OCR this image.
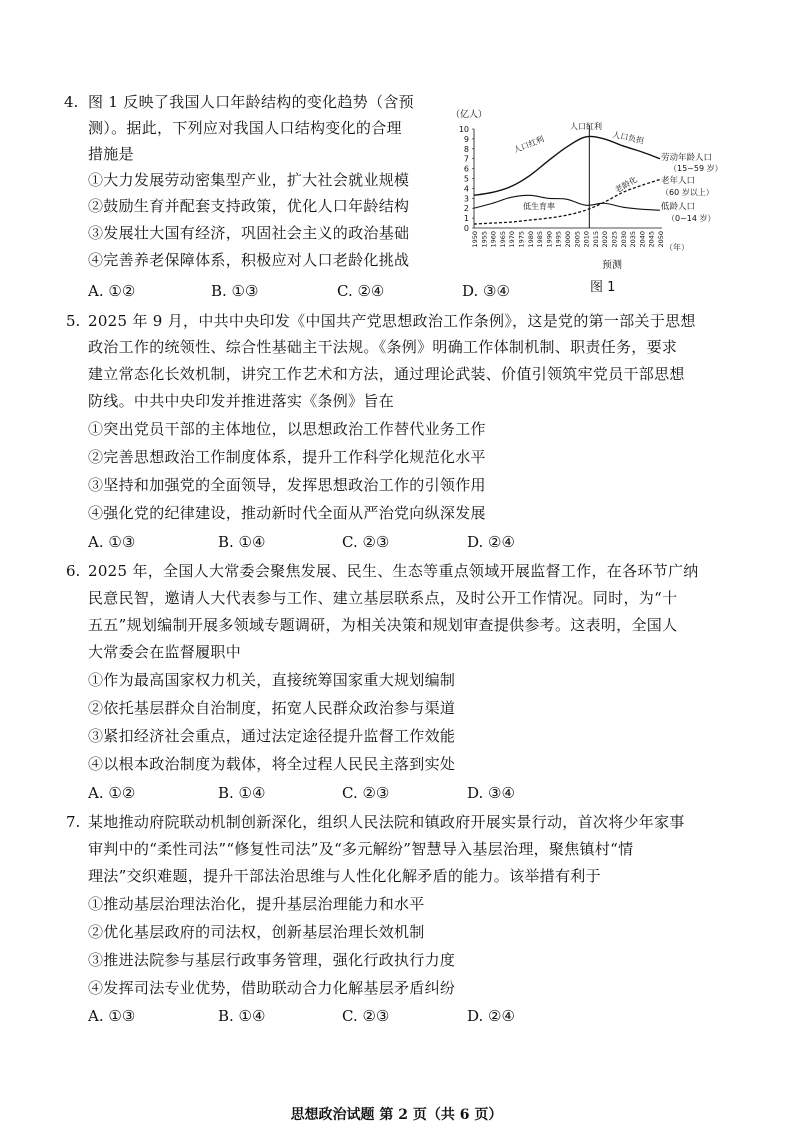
4. 图 1 反映了我国人口年龄结构的变化趋势（含预
测）。据此，下列应对我国人口结构变化的合理
措施是
①大力发展劳动密集型产业，扩大社会就业规模
②鼓励生育并配套支持政策，优化人口年龄结构
③发展壮大国有经济，巩固社会主义的政治基础
④完善养老保障体系，积极应对人口老龄化挑战
A. ①②	B. ①③	C. ②④	D. ③④
（亿人）
10
9
8
7
6
5
4
3
2
1
0
1950 1955 1960 1965 1970 1975 1980 1985 1990 1995 2000 2005 2010 2015 2020 2025 2030 2035 2040 2045 2050
人口红利
人口红利
人口负担
低生育率
老龄化
劳动年龄人口
（15~59 岁）
老年人口
（60 岁以上）
低龄人口
（0~14 岁）
（年）
预测
图 1
5. 2025 年 9 月，中共中央印发《中国共产党思想政治工作条例》，这是党的第一部关于思想
政治工作的统领性、综合性基础主干法规。《条例》明确工作体制机制、职责任务，要求
建立常态化长效机制，讲究工作艺术和方法，通过理论武装、价值引领筑牢党员干部思想
防线。中共中央印发并推进落实《条例》旨在
①突出党员干部的主体地位，以思想政治工作替代业务工作
②完善思想政治工作制度体系，提升工作科学化规范化水平
③坚持和加强党的全面领导，发挥思想政治工作的引领作用
④强化党的纪律建设，推动新时代全面从严治党向纵深发展
A. ①③	B. ①④	C. ②③	D. ②④
6. 2025 年，全国人大常委会聚焦发展、民生、生态等重点领域开展监督工作，在各环节广纳
民意民智，邀请人大代表参与工作、建立基层联系点，及时公开工作情况。同时，为“十
五五”规划编制开展多领域专题调研，为相关决策和规划审查提供参考。这表明，全国人
大常委会在监督履职中
①作为最高国家权力机关，直接统筹国家重大规划编制
②依托基层群众自治制度，拓宽人民群众政治参与渠道
③紧扣经济社会重点，通过法定途径提升监督工作效能
④以根本政治制度为载体，将全过程人民民主落到实处
A. ①②	B. ①④	C. ②③	D. ③④
7. 某地推动府院联动机制创新深化，组织人民法院和镇政府开展实景行动，首次将少年家事
审判中的“柔性司法”“修复性司法”及“多元解纷”智慧导入基层治理，聚焦镇村“情
理法”交织难题，提升干部法治思维与人性化化解矛盾的能力。该举措有利于
①推动基层治理法治化，提升基层治理能力和水平
②优化基层政府的司法权，创新基层治理长效机制
③推进法院参与基层行政事务管理，强化行政执行力度
④发挥司法专业优势，借助联动合力化解基层矛盾纠纷
A. ①③	B. ①④	C. ②③	D. ②④
思想政治试题 第 2 页（共 6 页）
